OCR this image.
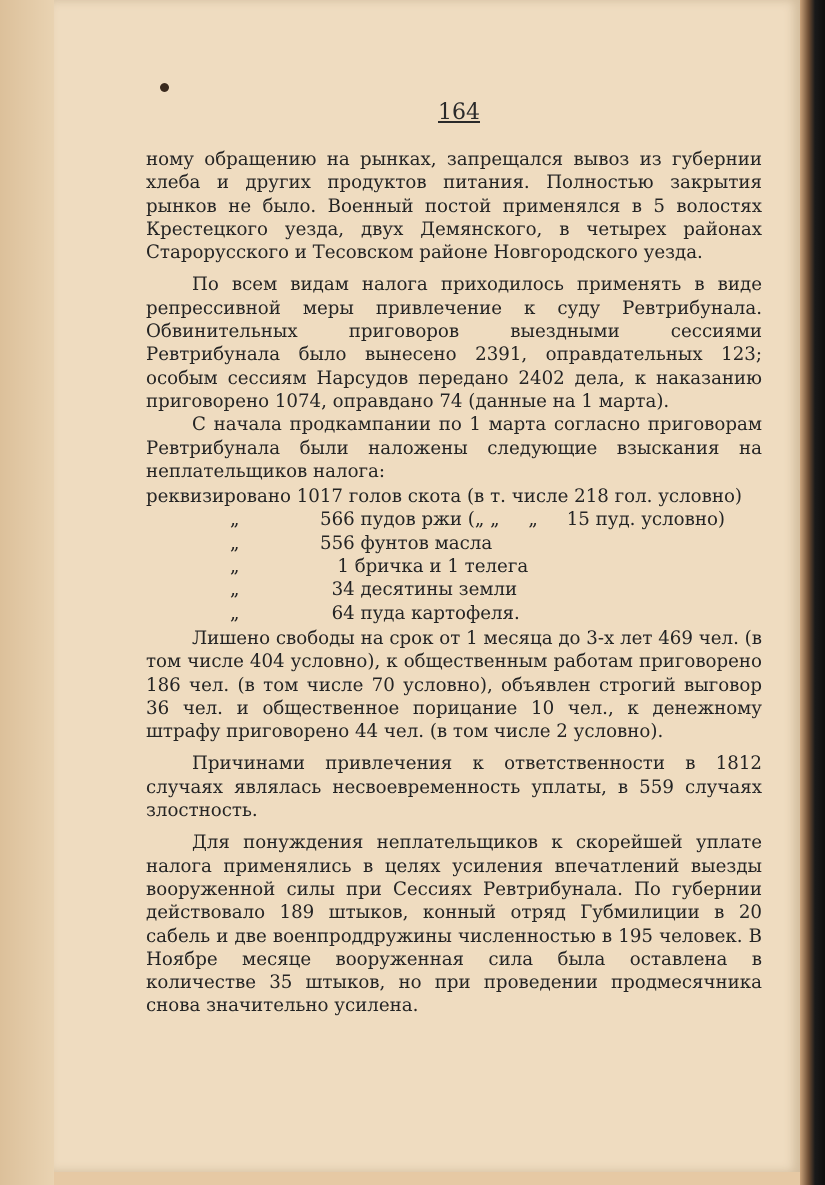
164

ному обращению на рынках, запрещался вывоз из губернии хлеба и других продуктов питания. Полностью закрытия рынков не было. Военный постой применялся в 5 волостях Крестецкого уезда, двух Демянского, в четырех районах Старорусского и Тесовском районе Новгородского уезда.

По всем видам налога приходилось применять в виде репрессивной меры привлечение к суду Ревтрибунала. Обвинительных приговоров выездными сессиями Ревтрибунала было вынесено 2391, оправдательных 123; особым сессиям Нарсудов передано 2402 дела, к наказанию приговорено 1074, оправдано 74 (данные на 1 марта).

С начала продкампании по 1 марта согласно приговорам Ревтрибунала были наложены следующие взыскания на неплательщиков налога:

реквизировано 1017 голов скота (в т. числе 218 гол. условно)
„	566 пудов ржи („ „     „     15 пуд. условно)
„	556 фунтов масла
„	1 бричка и 1 телега
„	34 десятины земли
„	64 пуда картофеля.

Лишено свободы на срок от 1 месяца до 3-х лет 469 чел. (в том числе 404 условно), к общественным работам приговорено 186 чел. (в том числе 70 условно), объявлен строгий выговор 36 чел. и общественное порицание 10 чел., к денежному штрафу приговорено 44 чел. (в том числе 2 условно).

Причинами привлечения к ответственности в 1812 случаях являлась несвоевременность уплаты, в 559 случаях злостность.

Для понуждения неплательщиков к скорейшей уплате налога применялись в целях усиления впечатлений выезды вооруженной силы при Сессиях Ревтрибунала. По губернии действовало 189 штыков, конный отряд Губмилиции в 20 сабель и две военпроддружины численностью в 195 человек. В Ноябре месяце вооруженная сила была оставлена в количестве 35 штыков, но при проведении продмесячника снова значительно усилена.
